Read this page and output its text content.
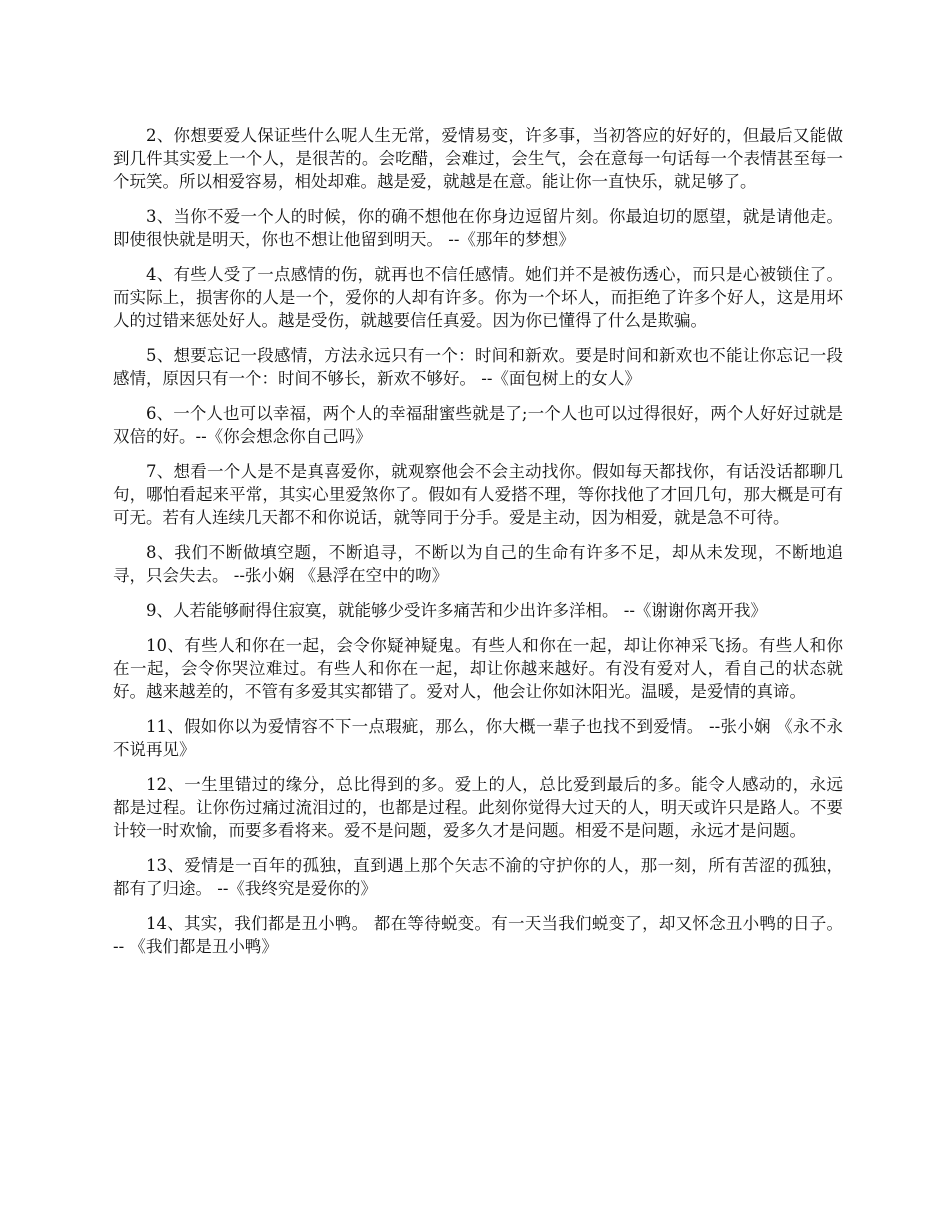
2、你想要爱人保证些什么呢人生无常，爱情易变，许多事，当初答应的好好的，但最后又能做到几件其实爱上一个人，是很苦的。会吃醋，会难过，会生气，会在意每一句话每一个表情甚至每一个玩笑。所以相爱容易，相处却难。越是爱，就越是在意。能让你一直快乐，就足够了。

3、当你不爱一个人的时候，你的确不想他在你身边逗留片刻。你最迫切的愿望，就是请他走。即使很快就是明天，你也不想让他留到明天。 --《那年的梦想》

4、有些人受了一点感情的伤，就再也不信任感情。她们并不是被伤透心，而只是心被锁住了。而实际上，损害你的人是一个，爱你的人却有许多。你为一个坏人，而拒绝了许多个好人，这是用坏人的过错来惩处好人。越是受伤，就越要信任真爱。因为你已懂得了什么是欺骗。

5、想要忘记一段感情，方法永远只有一个：时间和新欢。要是时间和新欢也不能让你忘记一段感情，原因只有一个：时间不够长，新欢不够好。 --《面包树上的女人》

6、一个人也可以幸福，两个人的幸福甜蜜些就是了;一个人也可以过得很好，两个人好好过就是双倍的好。--《你会想念你自己吗》

7、想看一个人是不是真喜爱你，就观察他会不会主动找你。假如每天都找你，有话没话都聊几句，哪怕看起来平常，其实心里爱煞你了。假如有人爱搭不理，等你找他了才回几句，那大概是可有可无。若有人连续几天都不和你说话，就等同于分手。爱是主动，因为相爱，就是急不可待。

8、我们不断做填空题，不断追寻，不断以为自己的生命有许多不足，却从未发现，不断地追寻，只会失去。 --张小娴 《悬浮在空中的吻》

9、人若能够耐得住寂寞，就能够少受许多痛苦和少出许多洋相。 --《谢谢你离开我》

10、有些人和你在一起，会令你疑神疑鬼。有些人和你在一起，却让你神采飞扬。有些人和你在一起，会令你哭泣难过。有些人和你在一起，却让你越来越好。有没有爱对人，看自己的状态就好。越来越差的，不管有多爱其实都错了。爱对人，他会让你如沐阳光。温暖，是爱情的真谛。

11、假如你以为爱情容不下一点瑕疵，那么，你大概一辈子也找不到爱情。 --张小娴 《永不永不说再见》

12、一生里错过的缘分，总比得到的多。爱上的人，总比爱到最后的多。能令人感动的，永远都是过程。让你伤过痛过流泪过的，也都是过程。此刻你觉得大过天的人，明天或许只是路人。不要计较一时欢愉，而要多看将来。爱不是问题，爱多久才是问题。相爱不是问题，永远才是问题。

13、爱情是一百年的孤独，直到遇上那个矢志不渝的守护你的人，那一刻，所有苦涩的孤独，都有了归途。 --《我终究是爱你的》

14、其实，我们都是丑小鸭。 都在等待蜕变。有一天当我们蜕变了，却又怀念丑小鸭的日子。 -- 《我们都是丑小鸭》
